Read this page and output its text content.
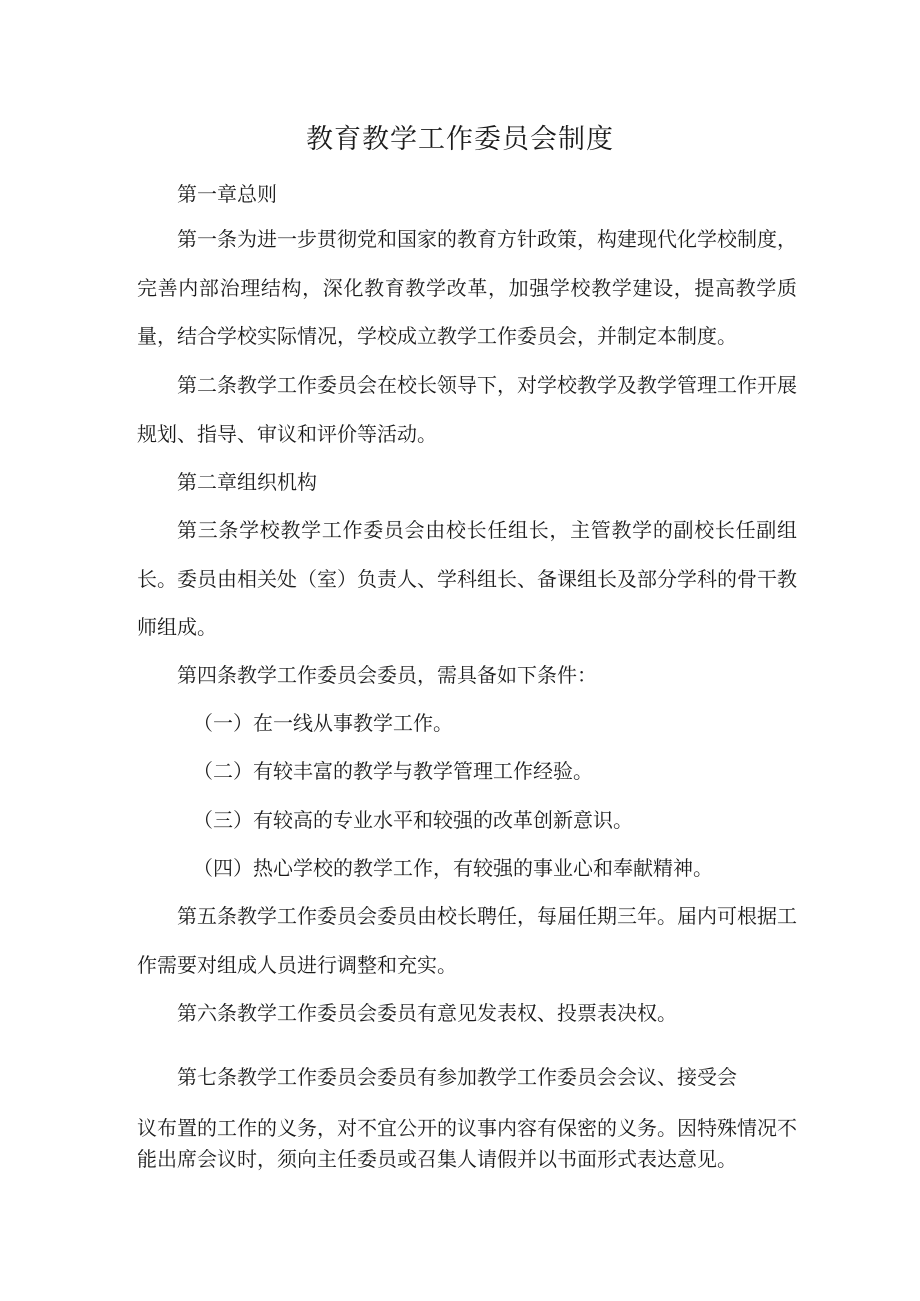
教育教学工作委员会制度

第一章总则

第一条为进一步贯彻党和国家的教育方针政策，构建现代化学校制度，完善内部治理结构，深化教育教学改革，加强学校教学建设，提高教学质量，结合学校实际情况，学校成立教学工作委员会，并制定本制度。

第二条教学工作委员会在校长领导下，对学校教学及教学管理工作开展规划、指导、审议和评价等活动。

第二章组织机构

第三条学校教学工作委员会由校长任组长，主管教学的副校长任副组长。委员由相关处（室）负责人、学科组长、备课组长及部分学科的骨干教师组成。

第四条教学工作委员会委员，需具备如下条件：

（一）在一线从事教学工作。

（二）有较丰富的教学与教学管理工作经验。

（三）有较高的专业水平和较强的改革创新意识。

（四）热心学校的教学工作，有较强的事业心和奉献精神。

第五条教学工作委员会委员由校长聘任，每届任期三年。届内可根据工作需要对组成人员进行调整和充实。

第六条教学工作委员会委员有意见发表权、投票表决权。

第七条教学工作委员会委员有参加教学工作委员会会议、接受会

议布置的工作的义务，对不宜公开的议事内容有保密的义务。因特殊情况不能出席会议时，须向主任委员或召集人请假并以书面形式表达意见。
